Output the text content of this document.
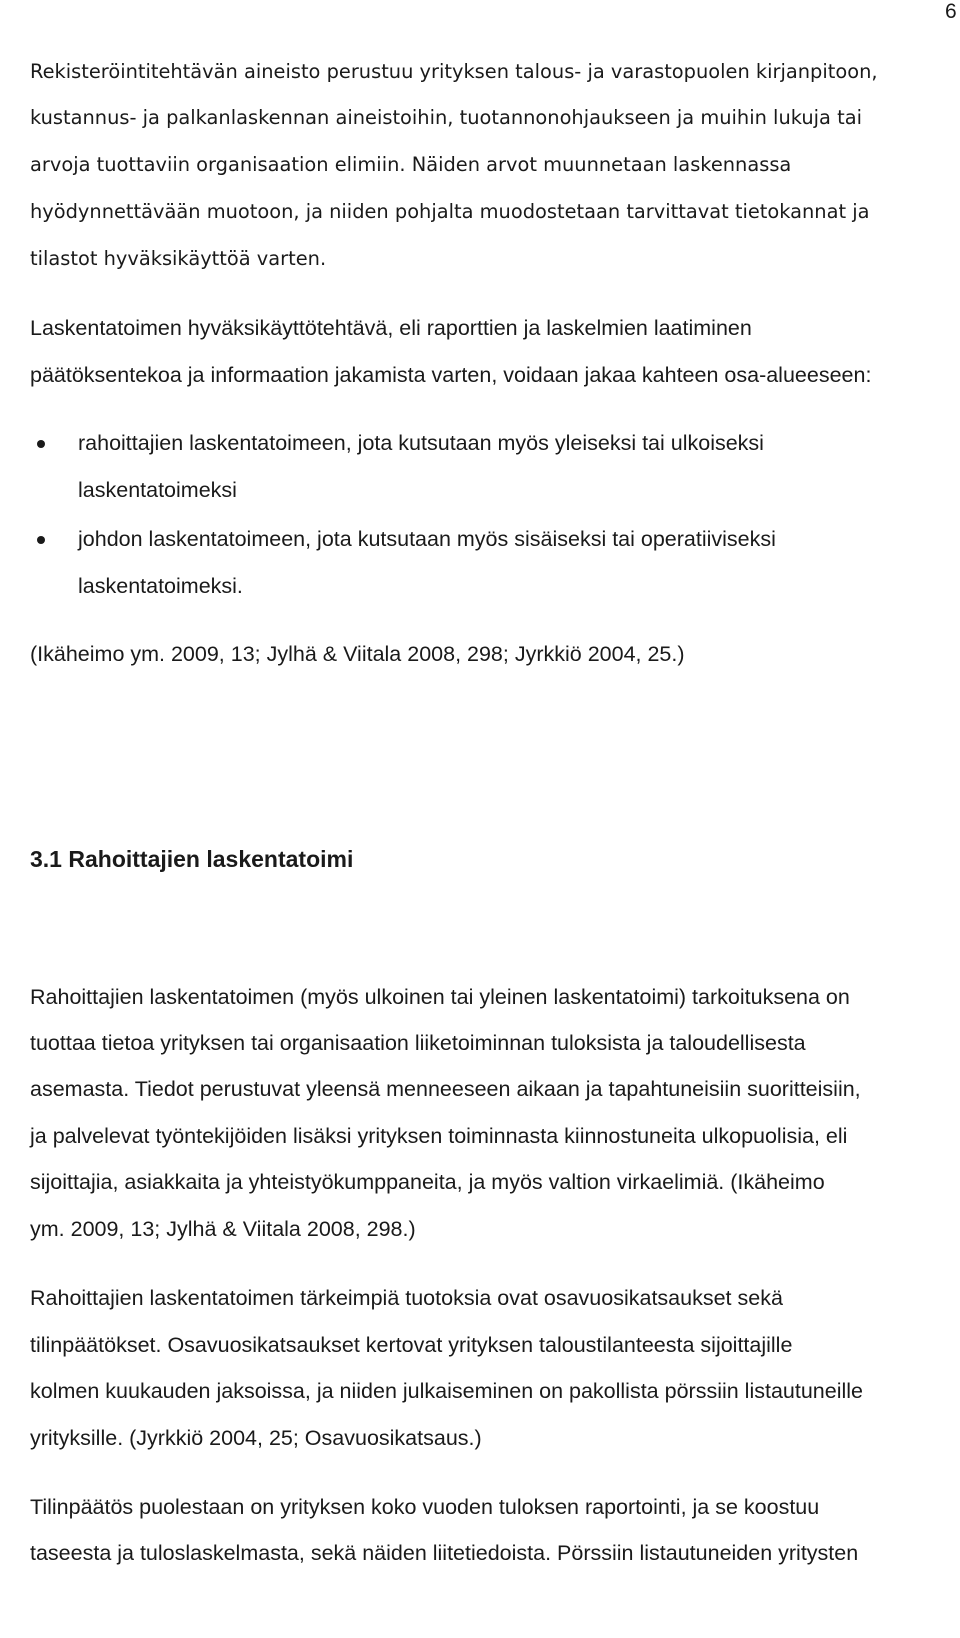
6
Rekisteröintitehtävän aineisto perustuu yrityksen talous- ja varastopuolen kirjanpitoon,
kustannus- ja palkanlaskennan aineistoihin, tuotannonohjaukseen ja muihin lukuja tai
arvoja tuottaviin organisaation elimiin. Näiden arvot muunnetaan laskennassa
hyödynnettävään muotoon, ja niiden pohjalta muodostetaan tarvittavat tietokannat ja
tilastot hyväksikäyttöä varten.
Laskentatoimen hyväksikäyttötehtävä, eli raporttien ja laskelmien laatiminen
päätöksentekoa ja informaation jakamista varten, voidaan jakaa kahteen osa-alueeseen:
rahoittajien laskentatoimeen, jota kutsutaan myös yleiseksi tai ulkoiseksi
laskentatoimeksi
johdon laskentatoimeen, jota kutsutaan myös sisäiseksi tai operatiiviseksi
laskentatoimeksi.
(Ikäheimo ym. 2009, 13; Jylhä & Viitala 2008, 298; Jyrkkiö 2004, 25.)
3.1 Rahoittajien laskentatoimi
Rahoittajien laskentatoimen (myös ulkoinen tai yleinen laskentatoimi) tarkoituksena on
tuottaa tietoa yrityksen tai organisaation liiketoiminnan tuloksista ja taloudellisesta
asemasta. Tiedot perustuvat yleensä menneeseen aikaan ja tapahtuneisiin suoritteisiin,
ja palvelevat työntekijöiden lisäksi yrityksen toiminnasta kiinnostuneita ulkopuolisia, eli
sijoittajia, asiakkaita ja yhteistyökumppaneita, ja myös valtion virkaelimiä. (Ikäheimo
ym. 2009, 13; Jylhä & Viitala 2008, 298.)
Rahoittajien laskentatoimen tärkeimpiä tuotoksia ovat osavuosikatsaukset sekä
tilinpäätökset. Osavuosikatsaukset kertovat yrityksen taloustilanteesta sijoittajille
kolmen kuukauden jaksoissa, ja niiden julkaiseminen on pakollista pörssiin listautuneille
yrityksille. (Jyrkkiö 2004, 25; Osavuosikatsaus.)
Tilinpäätös puolestaan on yrityksen koko vuoden tuloksen raportointi, ja se koostuu
taseesta ja tuloslaskelmasta, sekä näiden liitetiedoista. Pörssiin listautuneiden yritysten
